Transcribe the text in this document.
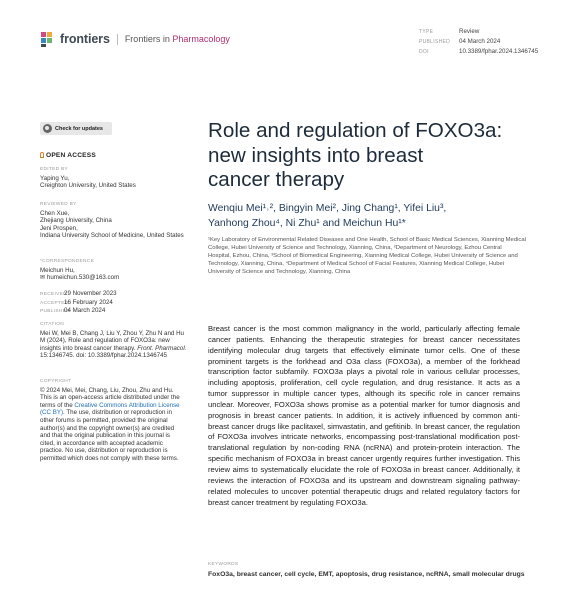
frontiers Frontiers in Pharmacology
TYPE	Review
PUBLISHED 04 March 2024
DOI	10.3389/fphar.2024.1346745
Check for updates
OPEN ACCESS
EDITED BY
Yaping Yu,
Creighton University, United States
REVIEWED BY
Chen Xue,
Zhejiang University, China
Jeni Prospen,
Indiana University School of Medicine, United States
*CORRESPONDENCE
Meichun Hu,
✉ humeichun.530@163.com
RECEIVED29 November 2023
ACCEPTED16 February 2024
PUBLISHED04 March 2024
CITATION
Mei W, Mei B, Chang J, Liu Y, Zhou Y, Zhu N and Hu M (2024), Role and regulation of FOXO3a: new insights into breast cancer therapy. Front. Pharmacol. 15:1346745. doi: 10.3389/fphar.2024.1346745
COPYRIGHT
© 2024 Mei, Mei, Chang, Liu, Zhou, Zhu and Hu. This is an open-access article distributed under the terms of the Creative Commons Attribution License (CC BY). The use, distribution or reproduction in other forums is permitted, provided the original author(s) and the copyright owner(s) are credited and that the original publication in this journal is cited, in accordance with accepted academic practice. No use, distribution or reproduction is permitted which does not comply with these terms.
Role and regulation of FOXO3a:
new insights into breast
cancer therapy
Wenqiu Mei¹˒², Bingyin Mei², Jing Chang¹, Yifei Liu³,
Yanhong Zhou⁴, Ni Zhu¹ and Meichun Hu¹*
¹Key Laboratory of Environmental Related Diseases and One Health, School of Basic Medical Sciences, Xianning Medical College, Hubei University of Science and Technology, Xianning, China, ²Department of Neurology, Ezhou Central Hospital, Ezhou, China, ³School of Biomedical Engineering, Xianning Medical College, Hubei University of Science and Technology, Xianning, China, ⁴Department of Medical School of Facial Features, Xianning Medical College, Hubei University of Science and Technology, Xianning, China
Breast cancer is the most common malignancy in the world, particularly affecting female cancer patients. Enhancing the therapeutic strategies for breast cancer necessitates identifying molecular drug targets that effectively eliminate tumor cells. One of these prominent targets is the forkhead and O3a class (FOXO3a), a member of the forkhead transcription factor subfamily. FOXO3a plays a pivotal role in various cellular processes, including apoptosis, proliferation, cell cycle regulation, and drug resistance. It acts as a tumor suppressor in multiple cancer types, although its specific role in cancer remains unclear. Moreover, FOXO3a shows promise as a potential marker for tumor diagnosis and prognosis in breast cancer patients. In addition, it is actively influenced by common anti-breast cancer drugs like paclitaxel, simvastatin, and gefitinib. In breast cancer, the regulation of FOXO3a involves intricate networks, encompassing post-translational modification post-translational regulation by non-coding RNA (ncRNA) and protein-protein interaction. The specific mechanism of FOXO3a in breast cancer urgently requires further investigation. This review aims to systematically elucidate the role of FOXO3a in breast cancer. Additionally, it reviews the interaction of FOXO3a and its upstream and downstream signaling pathway-related molecules to uncover potential therapeutic drugs and related regulatory factors for breast cancer treatment by regulating FOXO3a.
KEYWORDS
FoxO3a, breast cancer, cell cycle, EMT, apoptosis, drug resistance, ncRNA, small molecular drugs
